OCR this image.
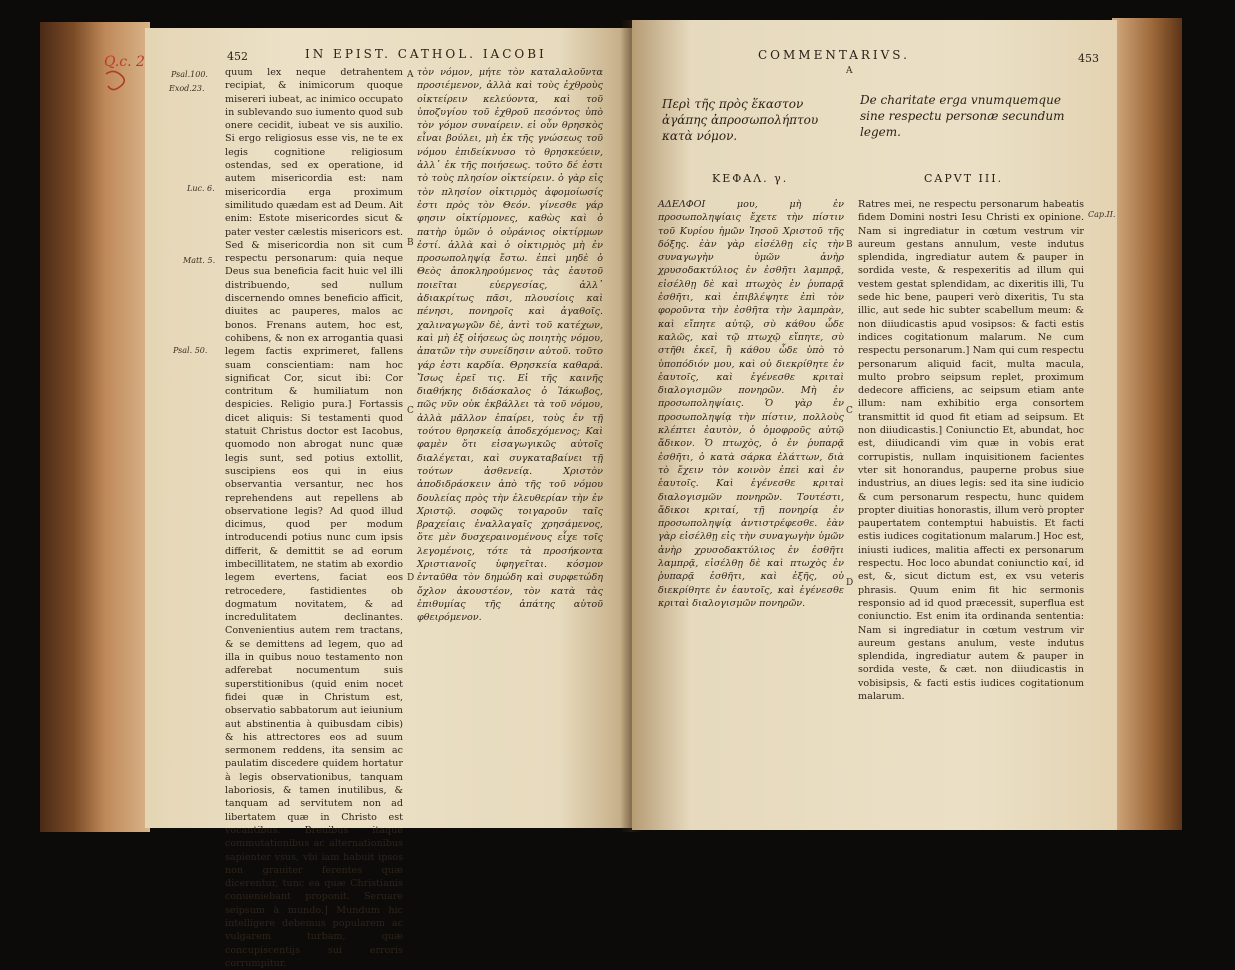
452	IN EPIST. CATHOL. IACOBI
Psal.100.
Exod.23.
Luc. 6.
Matt. 5.
Psal. 50.
A
B
C
D

quum lex neque detrahentem recipiat, & inimicorum quoque misereri iubeat, ac inimico occupato in sublevando suo iumento quod sub onere cecidit, iubeat ve sis auxilio. Si ergo religiosus esse vis, ne te ex legis cognitione religiosum ostendas, sed ex operatione, id autem misericordia est: nam misericordia erga proximum similitudo quædam est ad Deum. Ait enim: Estote misericordes sicut & pater vester cælestis misericors est. Sed & misericordia non sit cum respectu personarum: quia neque Deus sua beneficia facit huic vel illi distribuendo, sed nullum discernendo omnes beneficio afficit, diuites ac pauperes, malos ac bonos. Frenans autem, hoc est, cohibens, & non ex arrogantia quasi legem factis exprimeret, fallens suam conscientiam: nam hoc significat Cor, sicut ibi: Cor contritum & humiliatum non despicies. Religio pura.] Fortassis dicet aliquis: Si testamenti quod statuit Christus doctor est Iacobus, quomodo non abrogat nunc quæ legis sunt, sed potius extollit, suscipiens eos qui in eius observantia versantur, nec hos reprehendens aut repellens ab observatione legis? Ad quod illud dicimus, quod per modum introducendi potius nunc cum ipsis differit, & demittit se ad eorum imbecillitatem, ne statim ab exordio legem evertens, faciat eos retrocedere, fastidientes ob dogmatum novitatem, & ad incredulitatem declinantes. Convenientius autem rem tractans, & se demittens ad legem, quo ad illa in quibus nouo testamento non adferebat nocumentum suis superstitionibus (quid enim nocet fidei quæ in Christum est, observatio sabbatorum aut ieiunium aut abstinentia à quibusdam cibis) & his attrectores eos ad suum sermonem reddens, ita sensim ac paulatim discedere quidem hortatur à legis observationibus, tanquam laboriosis, & tamen inutilibus, & tanquam ad servitutem non ad libertatem quæ in Christo est vocantibus. Breuibus itaque commutationibus ac alternationibus sapienter vsus, vbi iam habuit ipsos non grauiter ferentes quæ dicerentur, tunc ea quæ Christianis conueniebant proponit. Seruare seipsum à mundo.] Mundum hic intelligere debemus popularem ac vulgarem turbam, quæ concupiscentijs sui erroris corrumpitur.

τὸν νόμον, μήτε τὸν καταλαλοῦντα προσιέμενον, ἀλλὰ καὶ τοὺς ἐχθροὺς οἰκτείρειν κελεύοντα, καὶ τοῦ ὑποζυγίου τοῦ ἐχθροῦ πεσόντος ὑπὸ τὸν γόμον συναίρειν. εἰ οὖν θρησκὸς εἶναι βούλει, μὴ ἐκ τῆς γνώσεως τοῦ νόμου ἐπιδείκνυσο τὸ θρησκεύειν, ἀλλ᾽ ἐκ τῆς ποιήσεως. τοῦτο δέ ἐστι τὸ τοὺς πλησίον οἰκτείρειν. ὁ γὰρ εἰς τὸν πλησίον οἰκτιρμὸς ἀφομοίωσίς ἐστι πρὸς τὸν Θεόν. γίνεσθε γάρ φησιν οἰκτίρμονες, καθὼς καὶ ὁ πατὴρ ὑμῶν ὁ οὐράνιος οἰκτίρμων ἐστί. ἀλλὰ καὶ ὁ οἰκτιρμὸς μὴ ἐν προσωποληψίᾳ ἔστω. ἐπεὶ μηδὲ ὁ Θεὸς ἀποκληρούμενος τὰς ἑαυτοῦ ποιεῖται εὐεργεσίας, ἀλλ᾽ ἀδιακρίτως πᾶσι, πλουσίοις καὶ πένησι, πονηροῖς καὶ ἀγαθοῖς. χαλιναγωγῶν δὲ, ἀντὶ τοῦ κατέχων, καὶ μὴ ἐξ οἰήσεως ὡς ποιητὴς νόμου, ἀπατῶν τὴν συνείδησιν αὐτοῦ. τοῦτο γάρ ἐστι καρδία. Θρησκεία καθαρά. Ἴσως ἐρεῖ τις. Εἰ τῆς καινῆς διαθήκης διδάσκαλος ὁ Ἰάκωβος, πῶς νῦν οὐκ ἐκβάλλει τὰ τοῦ νόμου, ἀλλὰ μᾶλλον ἐπαίρει, τοὺς ἐν τῇ τούτου θρησκείᾳ ἀποδεχόμενος; Καὶ φαμὲν ὅτι εἰσαγωγικῶς αὐτοῖς διαλέγεται, καὶ συγκαταβαίνει τῇ τούτων ἀσθενείᾳ. Χριστὸν ἀποδιδράσκειν ἀπὸ τῆς τοῦ νόμου δουλείας πρὸς τὴν ἐλευθερίαν τὴν ἐν Χριστῷ. σοφῶς τοιγαροῦν ταῖς βραχείαις ἐναλλαγαῖς χρησάμενος, ὅτε μὲν δυσχεραινομένους εἶχε τοῖς λεγομένοις, τότε τὰ προσήκοντα Χριστιανοῖς ὑφηγεῖται. κόσμον ἐνταῦθα τὸν δημώδη καὶ συρφετώδη ὄχλον ἀκουστέον, τὸν κατὰ τὰς ἐπιθυμίας τῆς ἀπάτης αὐτοῦ φθειρόμενον.

Q.c. 2	COMMENTARIVS.	453
A
Περὶ τῆς πρὸς ἕκαστον ἀγάπης ἀπροσωπολήπτου κατὰ νόμον.
De charitate erga vnumquemque sine respectu personæ secundum legem.
ΚΕΦΑΛ. γ.	CAPVT III.
Cap.II.
B
C
D

ΑΔΕΛΦΟΙ μου, μὴ ἐν προσωποληψίαις ἔχετε τὴν πίστιν τοῦ Κυρίου ἡμῶν Ἰησοῦ Χριστοῦ τῆς δόξης. ἐὰν γὰρ εἰσέλθῃ εἰς τὴν συναγωγὴν ὑμῶν ἀνὴρ χρυσοδακτύλιος ἐν ἐσθῆτι λαμπρᾷ, εἰσέλθῃ δὲ καὶ πτωχὸς ἐν ῥυπαρᾷ ἐσθῆτι, καὶ ἐπιβλέψητε ἐπὶ τὸν φοροῦντα τὴν ἐσθῆτα τὴν λαμπρὰν, καὶ εἴπητε αὐτῷ, σὺ κάθου ὧδε καλῶς, καὶ τῷ πτωχῷ εἴπητε, σὺ στῆθι ἐκεῖ, ἢ κάθου ὧδε ὑπὸ τὸ ὑποπόδιόν μου, καὶ οὐ διεκρίθητε ἐν ἑαυτοῖς, καὶ ἐγένεσθε κριταὶ διαλογισμῶν πονηρῶν. Μὴ ἐν προσωποληψίαις. Ὁ γὰρ ἐν προσωποληψίᾳ τὴν πίστιν, πολλοὺς κλέπτει ἑαυτὸν, ὁ ὁμοφροῦς αὐτῷ ἄδικον. Ὁ πτωχὸς, ὁ ἐν ῥυπαρᾷ ἐσθῆτι, ὁ κατὰ σάρκα ἐλάττων, διὰ τὸ ἔχειν τὸν κοινὸν ἐπεὶ καὶ ἐν ἑαυτοῖς. Καὶ ἐγένεσθε κριταὶ διαλογισμῶν πονηρῶν. Τουτέστι, ἄδικοι κριταί, τῇ πονηρίᾳ ἐν προσωποληψίᾳ ἀντιστρέφεσθε. ἐὰν γὰρ εἰσέλθῃ εἰς τὴν συναγωγὴν ὑμῶν ἀνὴρ χρυσοδακτύλιος ἐν ἐσθῆτι λαμπρᾷ, εἰσέλθῃ δὲ καὶ πτωχὸς ἐν ῥυπαρᾷ ἐσθῆτι, καὶ ἐξῆς, οὐ διεκρίθητε ἐν ἑαυτοῖς, καὶ ἐγένεσθε κριταὶ διαλογισμῶν πονηρῶν.

Ratres mei, ne respectu personarum habeatis fidem Domini nostri Iesu Christi ex opinione. Nam si ingrediatur in cœtum vestrum vir aureum gestans annulum, veste indutus splendida, ingrediatur autem & pauper in sordida veste, & respexeritis ad illum qui vestem gestat splendidam, ac dixeritis illi, Tu sede hic bene, pauperi verò dixeritis, Tu sta illic, aut sede hic subter scabellum meum: & non diiudicastis apud vosipsos: & facti estis indices cogitationum malarum. Ne cum respectu personarum.] Nam qui cum respectu personarum aliquid facit, multa macula, multo probro seipsum replet, proximum dedecore afficiens, ac seipsum etiam ante illum: nam exhibitio erga consortem transmittit id quod fit etiam ad seipsum. Et non diiudicastis.] Coniunctio Et, abundat, hoc est, diiudicandi vim quæ in vobis erat corrupistis, nullam inquisitionem facientes vter sit honorandus, pauperne probus siue industrius, an diues legis: sed ita sine iudicio & cum personarum respectu, hunc quidem propter diuitias honorastis, illum verò propter paupertatem contemptui habuistis. Et facti estis iudices cogitationum malarum.] Hoc est, iniusti iudices, malitia affecti ex personarum respectu. Hoc loco abundat coniunctio καί, id est, &, sicut dictum est, ex vsu veteris phrasis. Quum enim fit hic sermonis responsio ad id quod præcessit, superflua est coniunctio. Est enim ita ordinanda sententia: Nam si ingrediatur in cœtum vestrum vir aureum gestans anulum, veste indutus splendida, ingrediatur autem & pauper in sordida veste, & cæt. non diiudicastis in vobisipsis, & facti estis iudices cogitationum malarum.
